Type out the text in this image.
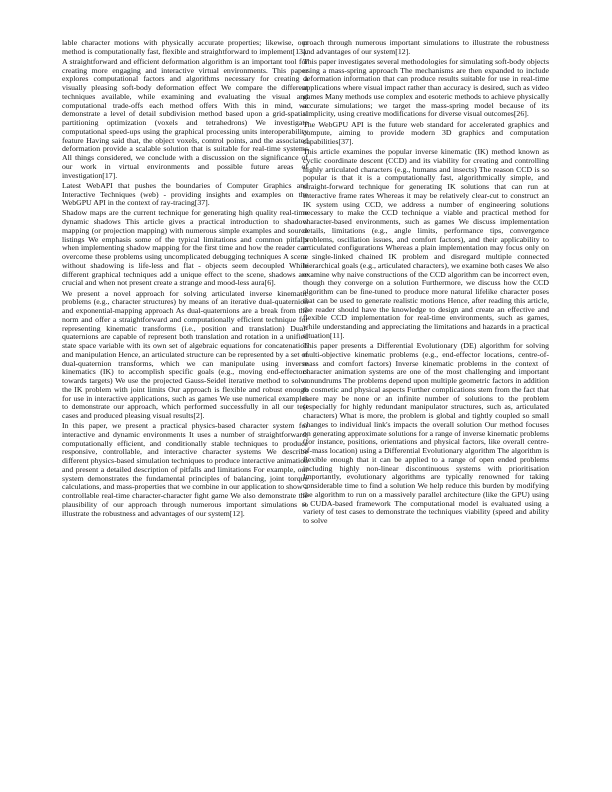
lable character motions with physically accurate properties; likewise, our method is computationally fast, flexible and straightforward to implement[13].

A straightforward and efficient deformation algorithm is an important tool for creating more engaging and interactive virtual environments. This paper explores computational factors and algorithms necessary for creating a visually pleasing soft-body deformation effect We compare the different techniques available, while examining and evaluating the visual and computational trade-offs each method offers With this in mind, we demonstrate a level of detail subdivision method based upon a grid-spatial partitioning optimization (voxels and tetrahedrons) We investigate computational speed-ups using the graphical processing units interoperability feature Having said that, the object voxels, control points, and the associated deformation provide a scalable solution that is suitable for real-time systems All things considered, we conclude with a discussion on the significance of our work in virtual environments and possible future areas of investigation[17].

Latest WebAPI that pushes the boundaries of Computer Graphics and Interactive Techniques (web) - providing insights and examples on the WebGPU API in the context of ray-tracing[37].

Shadow maps are the current technique for generating high quality real-time dynamic shadows This article gives a practical introduction to shadow mapping (or projection mapping) with numerous simple examples and source listings We emphasis some of the typical limitations and common pitfalls when implementing shadow mapping for the first time and how the reader can overcome these problems using uncomplicated debugging techniques A scene without shadowing is life-less and flat - objects seem decoupled While different graphical techniques add a unique effect to the scene, shadows are crucial and when not present create a strange and mood-less aura[6].

We present a novel approach for solving articulated inverse kinematic problems (e.g., character structures) by means of an iterative dual-quaternion and exponential-mapping approach As dual-quaternions are a break from the norm and offer a straightforward and computationally efficient technique for representing kinematic transforms (i.e., position and translation) Dual-quaternions are capable of represent both translation and rotation in a unified state space variable with its own set of algebraic equations for concatenation and manipulation Hence, an articulated structure can be represented by a set of dual-quaternion transforms, which we can manipulate using inverse kinematics (IK) to accomplish specific goals (e.g., moving end-effectors towards targets) We use the projected Gauss-Seidel iterative method to solve the IK problem with joint limits Our approach is flexible and robust enough for use in interactive applications, such as games We use numerical examples to demonstrate our approach, which performed successfully in all our test cases and produced pleasing visual results[2].

In this paper, we present a practical physics-based character system for interactive and dynamic environments It uses a number of straightforward, computationally efficient, and conditionally stable techniques to produce responsive, controllable, and interactive character systems We describe different physics-based simulation techniques to produce interactive animation and present a detailed description of pitfalls and limitations For example, our system demonstrates the fundamental principles of balancing, joint torque calculations, and mass-properties that we combine in our application to show a controllable real-time character-character fight game We also demonstrate the plausibility of our approach through numerous important simulations to illustrate the robustness and advantages of our system[12].

proach through numerous important simulations to illustrate the robustness and advantages of our system[12].

This paper investigates several methodologies for simulating soft-body objects using a mass-spring approach The mechanisms are then expanded to include deformation information that can produce results suitable for use in real-time applications where visual impact rather than accuracy is desired, such as video games Many methods use complex and esoteric methods to achieve physically accurate simulations; we target the mass-spring model because of its simplicity, using creative modifications for diverse visual outcomes[26].

The WebGPU API is the future web standard for accelerated graphics and compute, aiming to provide modern 3D graphics and computation capabilities[37].

This article examines the popular inverse kinematic (IK) method known as cyclic coordinate descent (CCD) and its viability for creating and controlling highly articulated characters (e.g., humans and insects) The reason CCD is so popular is that it is a computationally fast, algorithmically simple, and straight-forward technique for generating IK solutions that can run at interactive frame rates Whereas it may be relatively clear-cut to construct an IK system using CCD, we address a number of engineering solutions necessary to make the CCD technique a viable and practical method for character-based environments, such as games We discuss implementation details, limitations (e.g., angle limits, performance tips, convergence problems, oscillation issues, and comfort factors), and their applicability to articulated configurations Whereas a plain implementation may focus only on a single-linked chained IK problem and disregard multiple connected hierarchical goals (e.g., articulated characters), we examine both cases We also examine why naive constructions of the CCD algorithm can be incorrect even, though they converge on a solution Furthermore, we discuss how the CCD algorithm can be fine-tuned to produce more natural lifelike character poses that can be used to generate realistic motions Hence, after reading this article, the reader should have the knowledge to design and create an effective and flexible CCD implementation for real-time environments, such as games, while understanding and appreciating the limitations and hazards in a practical situation[11].

This paper presents a Differential Evolutionary (DE) algorithm for solving multi-objective kinematic problems (e.g., end-effector locations, centre-of-mass and comfort factors) Inverse kinematic problems in the context of character animation systems are one of the most challenging and important conundrums The problems depend upon multiple geometric factors in addition to cosmetic and physical aspects Further complications stem from the fact that there may be none or an infinite number of solutions to the problem (especially for highly redundant manipulator structures, such as, articulated characters) What is more, the problem is global and tightly coupled so small changes to individual link's impacts the overall solution Our method focuses on generating approximate solutions for a range of inverse kinematic problems (for instance, positions, orientations and physical factors, like overall centre-of-mass location) using a Differential Evolutionary algorithm The algorithm is flexible enough that it can be applied to a range of open ended problems including highly non-linear discontinuous systems with prioritisation Importantly, evolutionary algorithms are typically renowned for taking considerable time to find a solution We help reduce this burden by modifying the algorithm to run on a massively parallel architecture (like the GPU) using a CUDA-based framework The computational model is evaluated using a variety of test cases to demonstrate the techniques viability (speed and ability to solve
